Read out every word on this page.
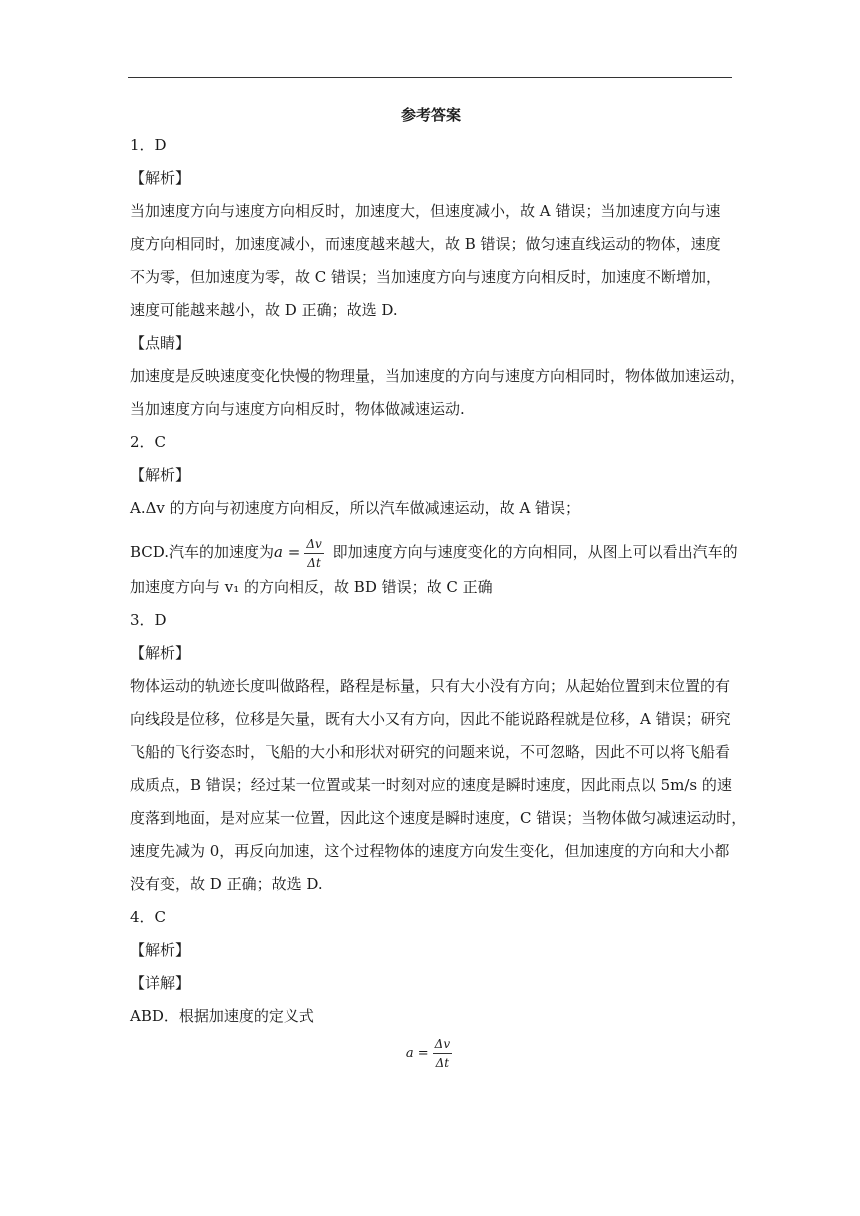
参考答案
1．D
【解析】

当加速度方向与速度方向相反时，加速度大，但速度减小，故 A 错误；当加速度方向与速

度方向相同时，加速度减小，而速度越来越大，故 B 错误；做匀速直线运动的物体，速度

不为零，但加速度为零，故 C 错误；当加速度方向与速度方向相反时，加速度不断增加，

速度可能越来越小，故 D 正确；故选 D.

【点睛】

加速度是反映速度变化快慢的物理量，当加速度的方向与速度方向相同时，物体做加速运动，

当加速度方向与速度方向相反时，物体做减速运动.

2．C
【解析】
A.Δv 的方向与初速度方向相反，所以汽车做减速运动，故 A 错误；
BCD.汽车的加速度为$a = \frac{\Delta v}{\Delta t}$ 即加速度方向与速度变化的方向相同，从图上可以看出汽车的
加速度方向与 v₁ 的方向相反，故 BD 错误；故 C 正确
3．D
【解析】

物体运动的轨迹长度叫做路程，路程是标量，只有大小没有方向；从起始位置到末位置的有

向线段是位移，位移是矢量，既有大小又有方向，因此不能说路程就是位移，A 错误；研究

飞船的飞行姿态时，飞船的大小和形状对研究的问题来说，不可忽略，因此不可以将飞船看

成质点，B 错误；经过某一位置或某一时刻对应的速度是瞬时速度，因此雨点以 5m/s 的速

度落到地面，是对应某一位置，因此这个速度是瞬时速度，C 错误；当物体做匀减速运动时，

速度先减为 0，再反向加速，这个过程物体的速度方向发生变化，但加速度的方向和大小都

没有变，故 D 正确；故选 D.

4．C
【解析】
【详解】
ABD．根据加速度的定义式
$a = \frac{\Delta v}{\Delta t}$
